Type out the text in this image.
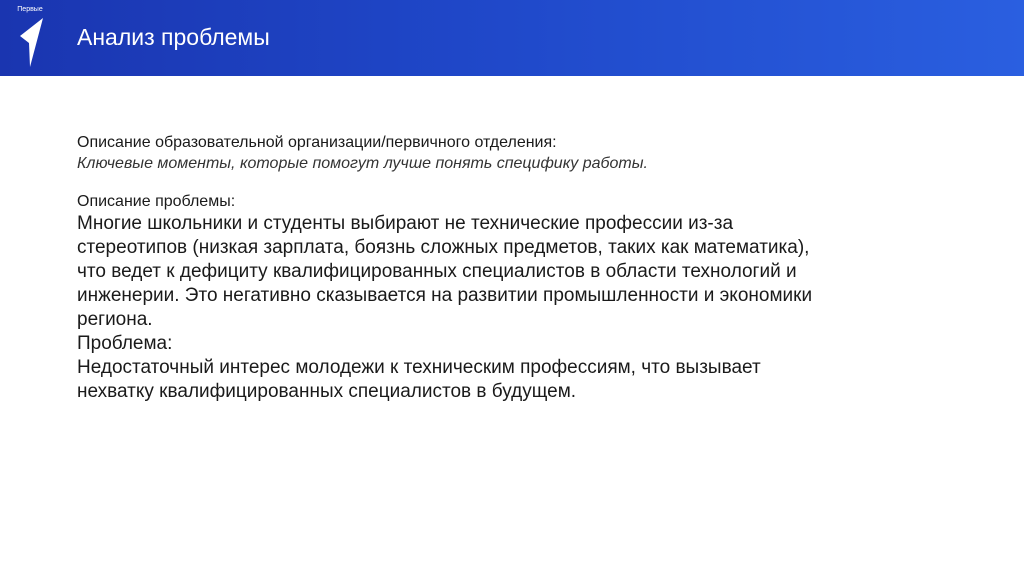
Первые
Анализ проблемы
Описание образовательной организации/первичного отделения:
Ключевые моменты, которые помогут лучше понять специфику работы.
Описание проблемы:
Многие школьники и студенты выбирают не технические профессии из-за
стереотипов (низкая зарплата, боязнь сложных предметов, таких как математика),
что ведет к дефициту квалифицированных специалистов в области технологий и
инженерии. Это негативно сказывается на развитии промышленности и экономики
региона.
Проблема:
Недостаточный интерес молодежи к техническим профессиям, что вызывает
нехватку квалифицированных специалистов в будущем.
